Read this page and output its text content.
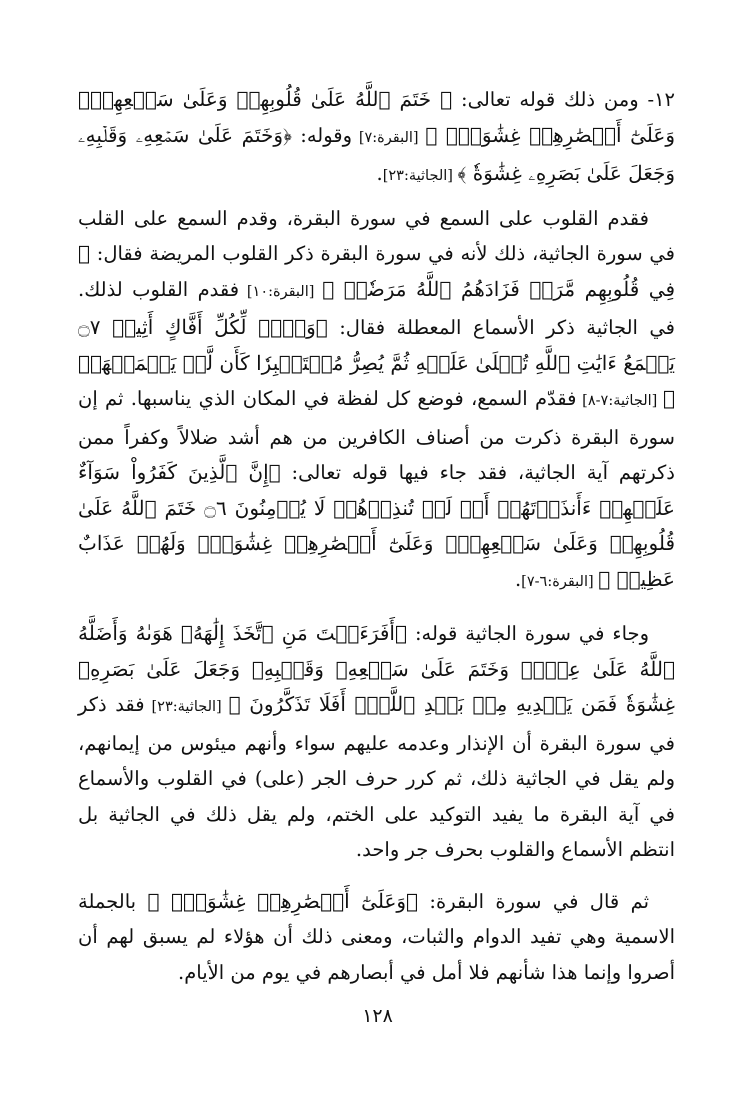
١٢- ومن ذلك قوله تعالى: ﴿ خَتَمَ ٱللَّهُ عَلَىٰ قُلُوبِهِمۡ وَعَلَىٰ سَمۡعِهِمۡۖ وَعَلَىٰٓ أَبۡصَٰرِهِمۡ غِشَٰوَةٞۖ ﴾ [البقرة:٧] وقوله: ﴿وَخَتَمَ عَلَىٰ سَمۡعِهِۦ وَقَلۡبِهِۦ وَجَعَلَ عَلَىٰ بَصَرِهِۦ غِشَٰوَةٗ ﴾ [الجاثية:٢٣].

فقدم القلوب على السمع في سورة البقرة، وقدم السمع على القلب في سورة الجاثية، ذلك لأنه في سورة البقرة ذكر القلوب المريضة فقال: ﴿ فِي قُلُوبِهِم مَّرَضٞ فَزَادَهُمُ ٱللَّهُ مَرَضٗاۖ ﴾ [البقرة:١٠] فقدم القلوب لذلك. في الجاثية ذكر الأسماع المعطلة فقال: ﴿وَيۡلٞ لِّكُلِّ أَفَّاكٍ أَثِيمٖ ۝٧ يَسۡمَعُ ءَايَٰتِ ٱللَّهِ تُتۡلَىٰ عَلَيۡهِ ثُمَّ يُصِرُّ مُسۡتَكۡبِرٗا كَأَن لَّمۡ يَسۡمَعۡهَاۖ ﴾ [الجاثية:٧-٨] فقدّم السمع، فوضع كل لفظة في المكان الذي يناسبها. ثم إن سورة البقرة ذكرت من أصناف الكافرين من هم أشد ضلالاً وكفراً ممن ذكرتهم آية الجاثية، فقد جاء فيها قوله تعالى: ﴿إِنَّ ٱلَّذِينَ كَفَرُواْ سَوَآءٌ عَلَيۡهِمۡ ءَأَنذَرۡتَهُمۡ أَمۡ لَمۡ تُنذِرۡهُمۡ لَا يُؤۡمِنُونَ ۝٦ خَتَمَ ٱللَّهُ عَلَىٰ قُلُوبِهِمۡ وَعَلَىٰ سَمۡعِهِمۡۖ وَعَلَىٰٓ أَبۡصَٰرِهِمۡ غِشَٰوَةٞۖ وَلَهُمۡ عَذَابٌ عَظِيمٞ ﴾ [البقرة:٦-٧].

وجاء في سورة الجاثية قوله: ﴿أَفَرَءَيۡتَ مَنِ ٱتَّخَذَ إِلَٰهَهُۥ هَوَىٰهُ وَأَضَلَّهُ ٱللَّهُ عَلَىٰ عِلۡمٖ وَخَتَمَ عَلَىٰ سَمۡعِهِۦ وَقَلۡبِهِۦ وَجَعَلَ عَلَىٰ بَصَرِهِۦ غِشَٰوَةٗ فَمَن يَهۡدِيهِ مِنۢ بَعۡدِ ٱللَّهِۚ أَفَلَا تَذَكَّرُونَ ﴾ [الجاثية:٢٣] فقد ذكر في سورة البقرة أن الإنذار وعدمه عليهم سواء وأنهم ميئوس من إيمانهم، ولم يقل في الجاثية ذلك، ثم كرر حرف الجر (على) في القلوب والأسماع في آية البقرة ما يفيد التوكيد على الختم، ولم يقل ذلك في الجاثية بل انتظم الأسماع والقلوب بحرف جر واحد.

ثم قال في سورة البقرة: ﴿وَعَلَىٰٓ أَبۡصَٰرِهِمۡ غِشَٰوَةٞۖ ﴾ بالجملة الاسمية وهي تفيد الدوام والثبات، ومعنى ذلك أن هؤلاء لم يسبق لهم أن أصروا وإنما هذا شأنهم فلا أمل في أبصارهم في يوم من الأيام.

١٢٨
